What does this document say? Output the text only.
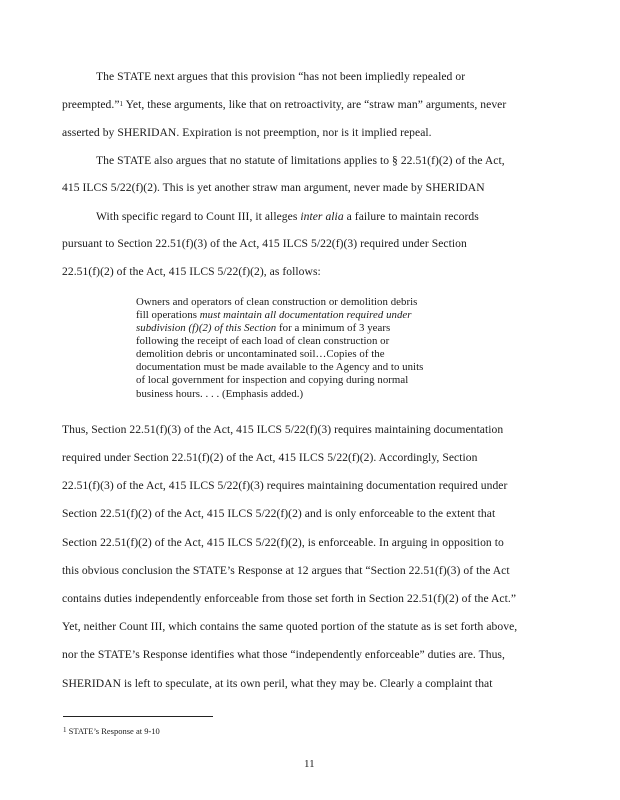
The STATE next argues that this provision “has not been impliedly repealed or
preempted.”$^1$ Yet, these arguments, like that on retroactivity, are “straw man” arguments, never
asserted by SHERIDAN. Expiration is not preemption, nor is it implied repeal.
The STATE also argues that no statute of limitations applies to § 22.51(f)(2) of the Act,
415 ILCS 5/22(f)(2). This is yet another straw man argument, never made by SHERIDAN
With specific regard to Count III, it alleges inter alia a failure to maintain records
pursuant to Section 22.51(f)(3) of the Act, 415 ILCS 5/22(f)(3) required under Section
22.51(f)(2) of the Act, 415 ILCS 5/22(f)(2), as follows:
Owners and operators of clean construction or demolition debris
fill operations must maintain all documentation required under
subdivision (f)(2) of this Section for a minimum of 3 years
following the receipt of each load of clean construction or
demolition debris or uncontaminated soil…Copies of the
documentation must be made available to the Agency and to units
of local government for inspection and copying during normal
business hours. . . . (Emphasis added.)
Thus, Section 22.51(f)(3) of the Act, 415 ILCS 5/22(f)(3) requires maintaining documentation
required under Section 22.51(f)(2) of the Act, 415 ILCS 5/22(f)(2). Accordingly, Section
22.51(f)(3) of the Act, 415 ILCS 5/22(f)(3) requires maintaining documentation required under
Section 22.51(f)(2) of the Act, 415 ILCS 5/22(f)(2) and is only enforceable to the extent that
Section 22.51(f)(2) of the Act, 415 ILCS 5/22(f)(2), is enforceable. In arguing in opposition to
this obvious conclusion the STATE’s Response at 12 argues that “Section 22.51(f)(3) of the Act
contains duties independently enforceable from those set forth in Section 22.51(f)(2) of the Act.”
Yet, neither Count III, which contains the same quoted portion of the statute as is set forth above,
nor the STATE’s Response identifies what those “independently enforceable” duties are. Thus,
SHERIDAN is left to speculate, at its own peril, what they may be. Clearly a complaint that
$^1$ STATE’s Response at 9-10
11
